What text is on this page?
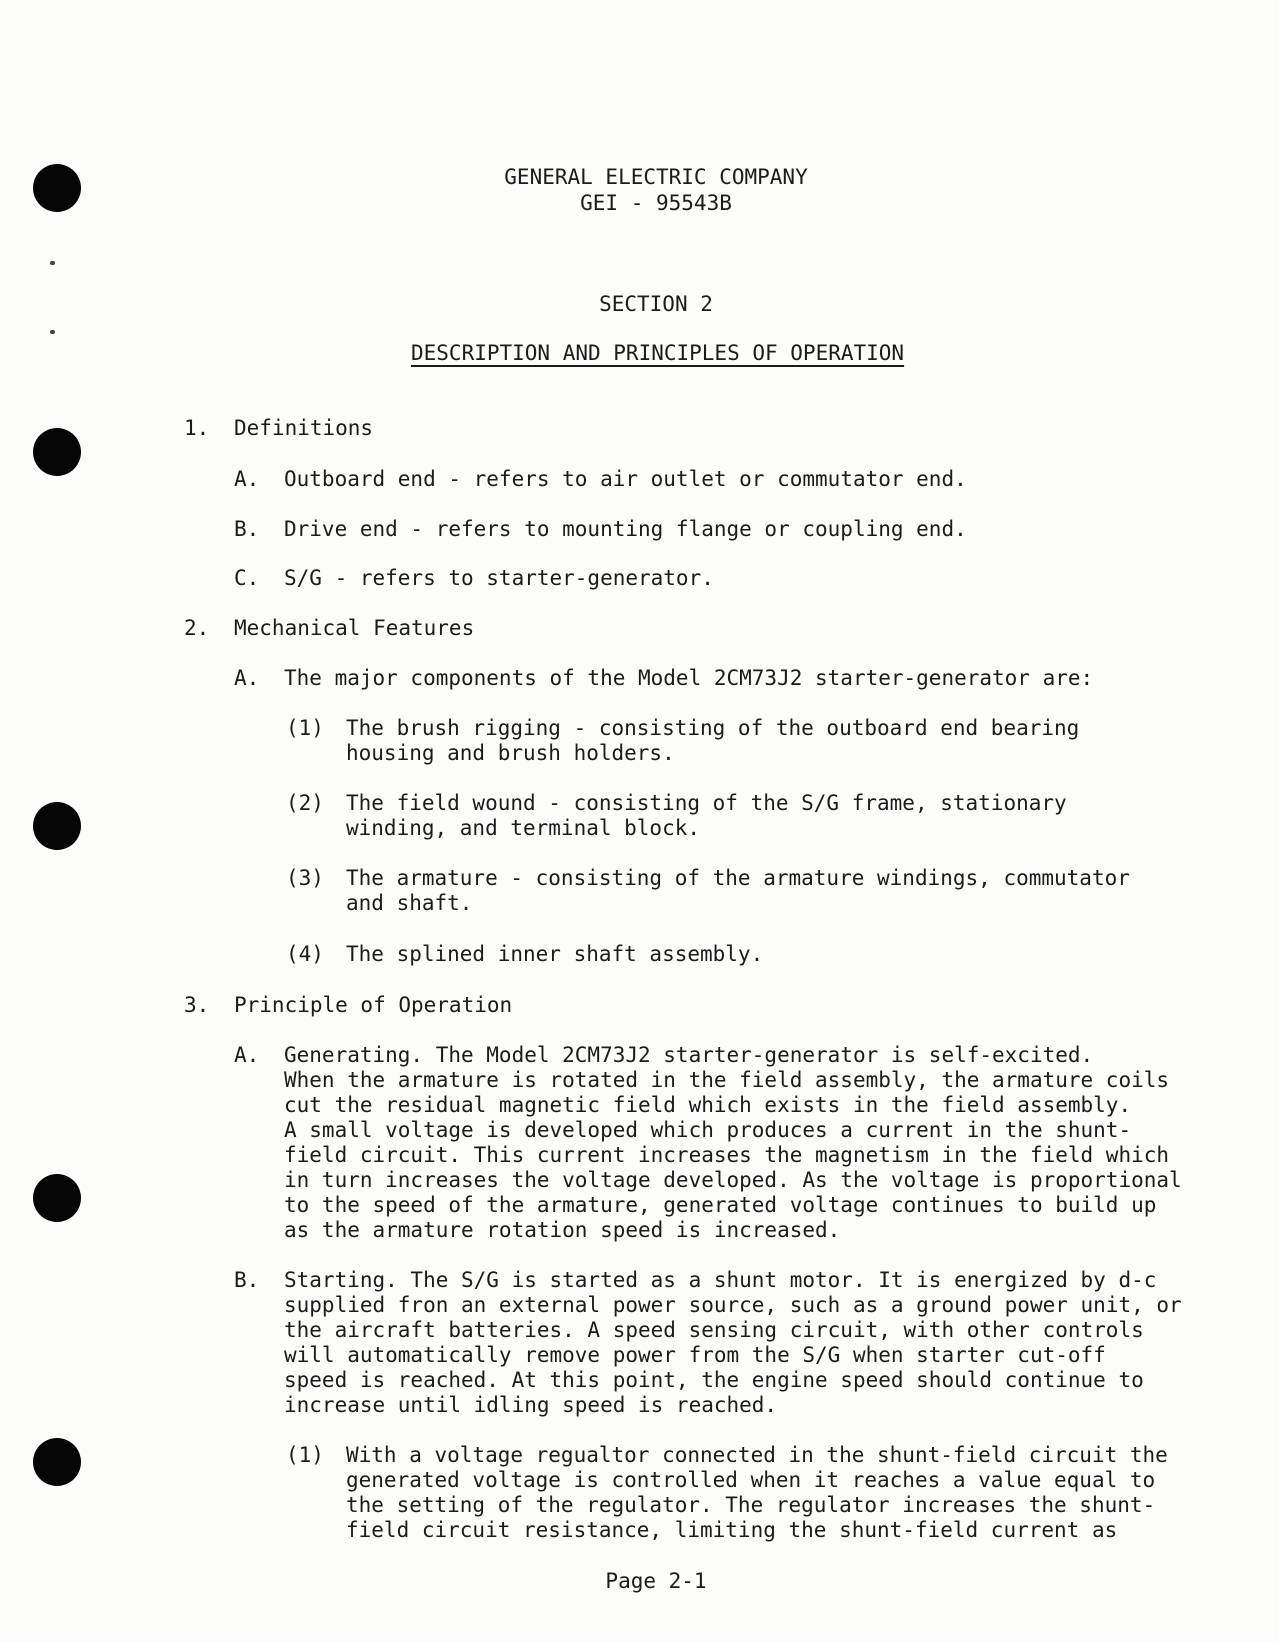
GENERAL ELECTRIC COMPANY
GEI - 95543B
SECTION 2
DESCRIPTION AND PRINCIPLES OF OPERATION
1. Definitions
A. Outboard end - refers to air outlet or commutator end.
B. Drive end - refers to mounting flange or coupling end.
C. S/G - refers to starter-generator.
2. Mechanical Features
A. The major components of the Model 2CM73J2 starter-generator are:
(1) The brush rigging - consisting of the outboard end bearing
housing and brush holders.
(2) The field wound - consisting of the S/G frame, stationary
winding, and terminal block.
(3) The armature - consisting of the armature windings, commutator
and shaft.
(4) The splined inner shaft assembly.
3. Principle of Operation
A. Generating. The Model 2CM73J2 starter-generator is self-excited.
When the armature is rotated in the field assembly, the armature coils
cut the residual magnetic field which exists in the field assembly.
A small voltage is developed which produces a current in the shunt-
field circuit. This current increases the magnetism in the field which
in turn increases the voltage developed. As the voltage is proportional
to the speed of the armature, generated voltage continues to build up
as the armature rotation speed is increased.
B. Starting. The S/G is started as a shunt motor. It is energized by d-c
supplied fron an external power source, such as a ground power unit, or
the aircraft batteries. A speed sensing circuit, with other controls
will automatically remove power from the S/G when starter cut-off
speed is reached. At this point, the engine speed should continue to
increase until idling speed is reached.
(1) With a voltage regualtor connected in the shunt-field circuit the
generated voltage is controlled when it reaches a value equal to
the setting of the regulator. The regulator increases the shunt-
field circuit resistance, limiting the shunt-field current as
Page 2-1
